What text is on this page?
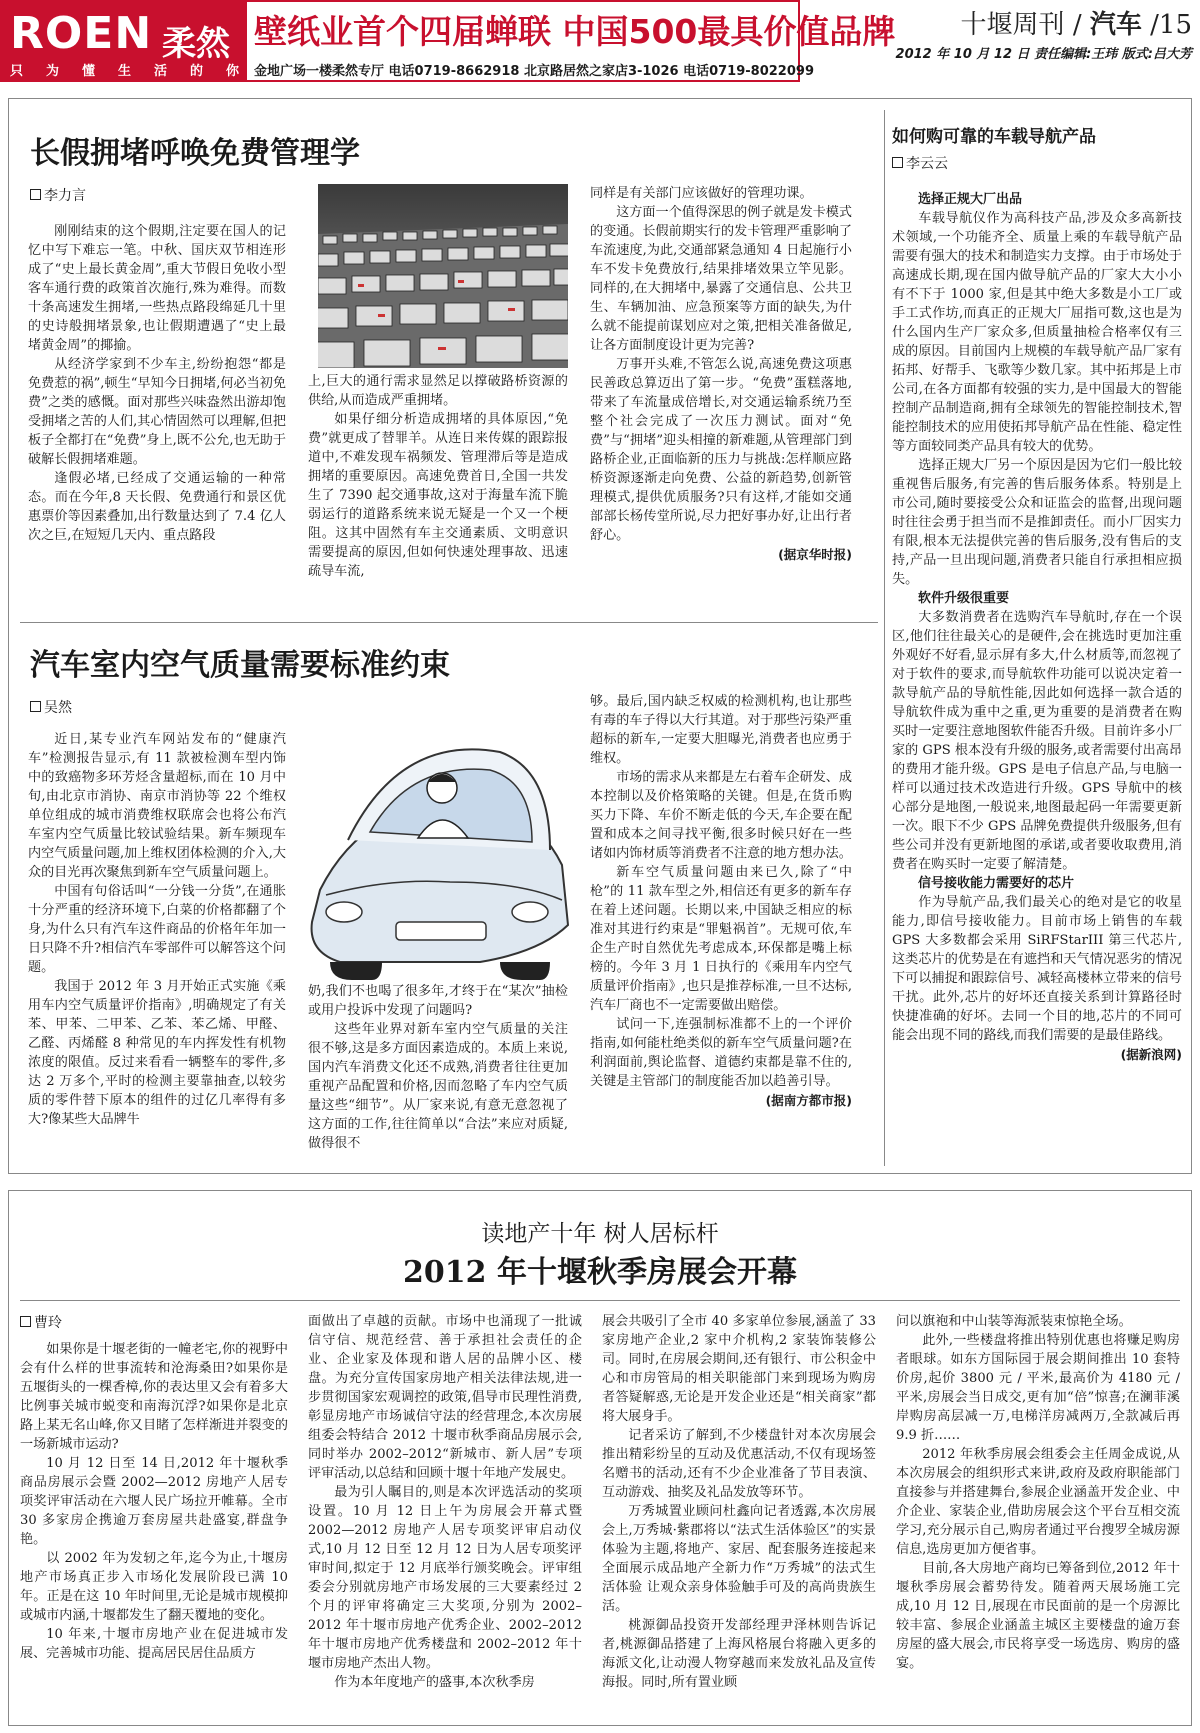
ROEN 柔然
只为懂生活的你
壁纸业首个四届蝉联 中国500最具价值品牌
金地广场一楼柔然专厅 电话0719-8662918 北京路居然之家店3-1026 电话0719-8022099
十堰周刊 / 汽车 /15
2012 年 10 月 12 日 责任编辑:王玮 版式:吕大芳
长假拥堵呼唤免费管理学
李力言

刚刚结束的这个假期,注定要在国人的记忆中写下难忘一笔。中秋、国庆双节相连形成了“史上最长黄金周”,重大节假日免收小型客车通行费的政策首次施行,殊为难得。而数十条高速发生拥堵,一些热点路段绵延几十里的史诗般拥堵景象,也让假期遭遇了“史上最堵黄金周”的揶揄。

从经济学家到不少车主,纷纷抱怨“都是免费惹的祸”,顿生“早知今日拥堵,何必当初免费”之类的感慨。面对那些兴味盎然出游却饱受拥堵之苦的人们,其心情固然可以理解,但把板子全都打在“免费”身上,既不公允,也无助于破解长假拥堵难题。

逢假必堵,已经成了交通运输的一种常态。而在今年,8 天长假、免费通行和景区优惠票价等因素叠加,出行数量达到了 7.4 亿人次之巨,在短短几天内、重点路段

上,巨大的通行需求显然足以撑破路桥资源的供给,从而造成严重拥堵。

如果仔细分析造成拥堵的具体原因,“免费”就更成了替罪羊。从连日来传媒的跟踪报道中,不难发现车祸频发、管理滞后等是造成拥堵的重要原因。高速免费首日,全国一共发生了 7390 起交通事故,这对于海量车流下脆弱运行的道路系统来说无疑是一个又一个梗阻。这其中固然有车主交通素质、文明意识需要提高的原因,但如何快速处理事故、迅速疏导车流,

同样是有关部门应该做好的管理功课。

这方面一个值得深思的例子就是发卡模式的变通。长假前期实行的发卡管理严重影响了车流速度,为此,交通部紧急通知 4 日起施行小车不发卡免费放行,结果排堵效果立竿见影。同样的,在大拥堵中,暴露了交通信息、公共卫生、车辆加油、应急预案等方面的缺失,为什么就不能提前谋划应对之策,把相关准备做足,让各方面制度设计更为完善?

万事开头难,不管怎么说,高速免费这项惠民善政总算迈出了第一步。“免费”蛋糕落地,带来了车流量成倍增长,对交通运输系统乃至整个社会完成了一次压力测试。面对“免费”与“拥堵”迎头相撞的新难题,从管理部门到路桥企业,正面临新的压力与挑战:怎样顺应路桥资源逐渐走向免费、公益的新趋势,创新管理模式,提供优质服务?只有这样,才能如交通部部长杨传堂所说,尽力把好事办好,让出行者舒心。

(据京华时报)

汽车室内空气质量需要标准约束
吴然

近日,某专业汽车网站发布的“健康汽车”检测报告显示,有 11 款被检测车型内饰中的致癌物多环芳烃含量超标,而在 10 月中旬,由北京市消协、南京市消协等 22 个维权单位组成的城市消费维权联席会也将公布汽车室内空气质量比较试验结果。新车频现车内空气质量问题,加上维权团体检测的介入,大众的目光再次聚焦到新车空气质量问题上。

中国有句俗话叫“一分钱一分货”,在通胀十分严重的经济环境下,白菜的价格都翻了个身,为什么只有汽车这件商品的价格年年加一日只降不升?相信汽车零部件可以解答这个问题。

我国于 2012 年 3 月开始正式实施《乘用车内空气质量评价指南》,明确规定了有关苯、甲苯、二甲苯、乙苯、苯乙烯、甲醛、乙醛、丙烯醛 8 种常见的车内挥发性有机物浓度的限值。反过来看看一辆整车的零件,多达 2 万多个,平时的检测主要靠抽查,以较劣质的零件替下原本的组件的过亿几率得有多大?像某些大品牌牛

奶,我们不也喝了很多年,才终于在“某次”抽检或用户投诉中发现了问题吗?

这些年业界对新车室内空气质量的关注很不够,这是多方面因素造成的。本质上来说,国内汽车消费文化还不成熟,消费者往往更加重视产品配置和价格,因而忽略了车内空气质量这些“细节”。从厂家来说,有意无意忽视了这方面的工作,往往简单以“合法”来应对质疑,做得很不

够。最后,国内缺乏权威的检测机构,也让那些有毒的车子得以大行其道。对于那些污染严重超标的新车,一定要大胆曝光,消费者也应勇于维权。

市场的需求从来都是左右着车企研发、成本控制以及价格策略的关键。但是,在货币购买力下降、车价不断走低的今天,车企要在配置和成本之间寻找平衡,很多时候只好在一些诸如内饰材质等消费者不注意的地方想办法。

新车空气质量问题由来已久,除了“中枪”的 11 款车型之外,相信还有更多的新车存在着上述问题。长期以来,中国缺乏相应的标准对其进行约束是“罪魁祸首”。无规可依,车企生产时自然优先考虑成本,环保都是嘴上标榜的。今年 3 月 1 日执行的《乘用车内空气质量评价指南》,也只是推荐标准,一旦不达标,汽车厂商也不一定需要做出赔偿。

试问一下,连强制标准都不上的一个评价指南,如何能杜绝类似的新车空气质量问题?在利润面前,舆论监督、道德约束都是靠不住的,关键是主管部门的制度能否加以趋善引导。

(据南方都市报)

如何购可靠的车载导航产品
李云云

选择正规大厂出品

车载导航仪作为高科技产品,涉及众多高新技术领域,一个功能齐全、质量上乘的车载导航产品需要有强大的技术和制造实力支撑。由于市场处于高速成长期,现在国内做导航产品的厂家大大小小有不下于 1000 家,但是其中绝大多数是小工厂或手工式作坊,而真正的正规大厂屈指可数,这也是为什么国内生产厂家众多,但质量抽检合格率仅有三成的原因。目前国内上规模的车载导航产品厂家有拓邦、好帮手、飞歌等少数几家。其中拓邦是上市公司,在各方面都有较强的实力,是中国最大的智能控制产品制造商,拥有全球领先的智能控制技术,智能控制技术的应用使拓邦导航产品在性能、稳定性等方面较同类产品具有较大的优势。

选择正规大厂另一个原因是因为它们一般比较重视售后服务,有完善的售后服务体系。特别是上市公司,随时要接受公众和证监会的监督,出现问题时往往会勇于担当而不是推卸责任。而小厂因实力有限,根本无法提供完善的售后服务,没有售后的支持,产品一旦出现问题,消费者只能自行承担相应损失。

软件升级很重要

大多数消费者在选购汽车导航时,存在一个误区,他们往往最关心的是硬件,会在挑选时更加注重外观好不好看,显示屏有多大,什么材质等,而忽视了对于软件的要求,而导航软件功能可以说决定着一款导航产品的导航性能,因此如何选择一款合适的导航软件成为重中之重,更为重要的是消费者在购买时一定要注意地图软件能否升级。目前许多小厂家的 GPS 根本没有升级的服务,或者需要付出高昂的费用才能升级。GPS 是电子信息产品,与电脑一样可以通过技术改造进行升级。GPS 导航中的核心部分是地图,一般说来,地图最起码一年需要更新一次。眼下不少 GPS 品牌免费提供升级服务,但有些公司并没有更新地图的承诺,或者要收取费用,消费者在购买时一定要了解清楚。

信号接收能力需要好的芯片

作为导航产品,我们最关心的绝对是它的收星能力,即信号接收能力。目前市场上销售的车载 GPS 大多数都会采用 SiRFStarIII 第三代芯片,这类芯片的优势是在有遮挡和天气情况恶劣的情况下可以捕捉和跟踪信号、减轻高楼林立带来的信号干扰。此外,芯片的好坏还直接关系到计算路径时快捷准确的好坏。去同一个目的地,芯片的不同可能会出现不同的路线,而我们需要的是最佳路线。

(据新浪网)

读地产十年 树人居标杆
2012 年十堰秋季房展会开幕
曹玲

如果你是十堰老街的一幢老宅,你的视野中会有什么样的世事流转和沧海桑田?如果你是五堰街头的一棵香樟,你的表达里又会有着多大比例事关城市蜕变和南海沉浮?如果你是北京路上某无名山峰,你又目睹了怎样渐进并裂变的一场新城市运动?

10 月 12 日至 14 日,2012 年十堰秋季商品房展示会暨 2002—2012 房地产人居专项奖评审活动在六堰人民广场拉开帷幕。全市 30 多家房企携逾万套房屋共赴盛宴,群盘争艳。

以 2002 年为发轫之年,迄今为止,十堰房地产市场真正步入市场化发展阶段已满 10 年。正是在这 10 年时间里,无论是城市规模抑或城市内涵,十堰都发生了翻天覆地的变化。

10 年来,十堰市房地产业在促进城市发展、完善城市功能、提高居民居住品质方

面做出了卓越的贡献。市场中也涌现了一批诚信守信、规范经营、善于承担社会责任的企业、企业家及体现和谐人居的品牌小区、楼盘。为充分宣传国家房地产相关法律法规,进一步贯彻国家宏观调控的政策,倡导市民理性消费,彰显房地产市场诚信守法的经营理念,本次房展组委会特结合 2012 十堰市秋季商品房展示会,同时举办 2002–2012“新城市、新人居”专项评审活动,以总结和回顾十堰十年地产发展史。

最为引人瞩目的,则是本次评选活动的奖项设置。10 月 12 日上午为房展会开幕式暨 2002—2012 房地产人居专项奖评审启动仪式,10 月 12 日至 12 月 12 日为人居专项奖评审时间,拟定于 12 月底举行颁奖晚会。评审组委会分别就房地产市场发展的三大要素经过 2 个月的评审将确定三大奖项,分别为 2002–2012 年十堰市房地产优秀企业、2002–2012 年十堰市房地产优秀楼盘和 2002–2012 年十堰市房地产杰出人物。

作为本年度地产的盛事,本次秋季房

展会共吸引了全市 40 多家单位参展,涵盖了 33 家房地产企业,2 家中介机构,2 家装饰装修公司。同时,在房展会期间,还有银行、市公积金中心和市房管局的相关职能部门来到现场为购房者答疑解惑,无论是开发企业还是“相关商家”都将大展身手。

记者采访了解到,不少楼盘针对本次房展会推出精彩纷呈的互动及优惠活动,不仅有现场签名赠书的活动,还有不少企业准备了节目表演、互动游戏、抽奖及礼品发放等环节。

万秀城置业顾问杜鑫向记者透露,本次房展会上,万秀城·紫郡将以“法式生活体验区”的实景体验为主题,将地产、家居、配套服务连接起来 全面展示成品地产全新力作“万秀城”的法式生活体验 让观众亲身体验触手可及的高尚贵族生活。

桃源御品投资开发部经理尹泽林则告诉记者,桃源御品搭建了上海风格展台将融入更多的海派文化,让动漫人物穿越而来发放礼品及宣传海报。同时,所有置业顾

问以旗袍和中山装等海派装束惊艳全场。

此外,一些楼盘将推出特别优惠也将赚足购房者眼球。如东方国际园于展会期间推出 10 套特价房,起价 3800 元 / 平米,最高价为 4180 元 / 平米,房展会当日成交,更有加“倍”惊喜;在澜菲溪岸购房高层减一万,电梯洋房减两万,全款减后再 9.9 折……

2012 年秋季房展会组委会主任周金成说,从本次房展会的组织形式来讲,政府及政府职能部门直接参与并搭建舞台,参展企业涵盖开发企业、中介企业、家装企业,借助房展会这个平台互相交流学习,充分展示自己,购房者通过平台搜罗全城房源信息,选房更加方便省事。

目前,各大房地产商均已筹备到位,2012 年十堰秋季房展会蓄势待发。随着两天展场施工完成,10 月 12 日,展现在市民面前的是一个房源比较丰富、参展企业涵盖主城区主要楼盘的逾万套房屋的盛大展会,市民将享受一场选房、购房的盛宴。
